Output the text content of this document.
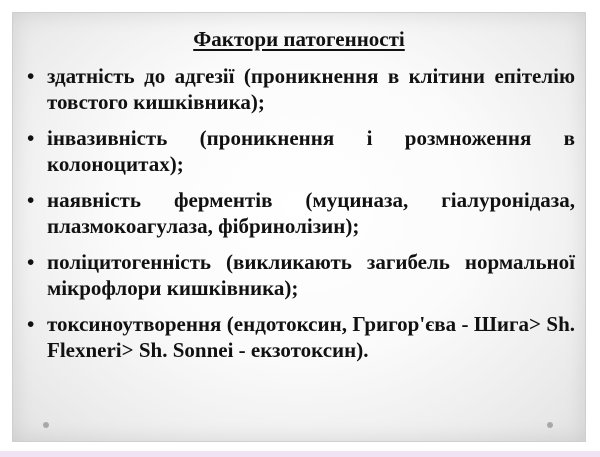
Фактори патогенності
• здатність до адгезії (проникнення в клітини епітелію товстого кишківника);
• інвазивність (проникнення і розмноження в колоноцитах);
• наявність ферментів (муциназа, гіалуронідаза, плазмокоагулаза, фібринолізин);
• поліцитогенність (викликають загибель нормальної мікрофлори кишківника);
• токсиноутворення (ендотоксин, Григор'єва - Шига> Sh. Flexneri> Sh. Sonnei - екзотоксин).
